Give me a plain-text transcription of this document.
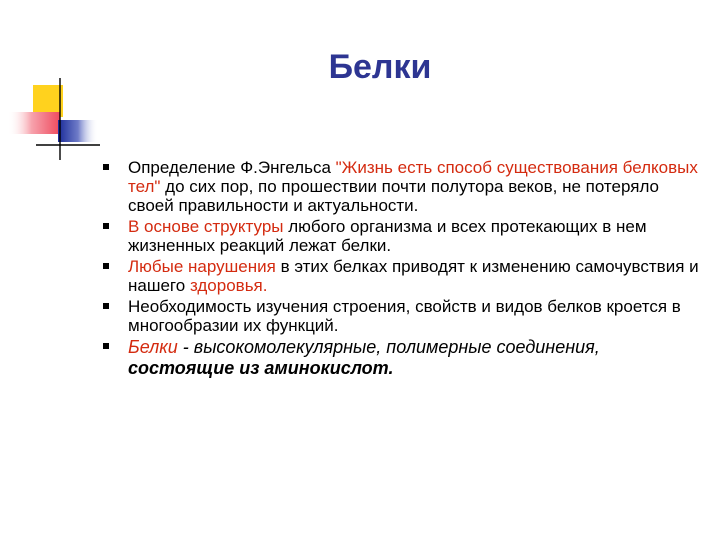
Белки
Определение Ф.Энгельса "Жизнь есть способ существования белковых тел" до сих пор, по прошествии почти полутора веков, не потеряло своей правильности и актуальности.
В основе структуры любого организма и всех протекающих в нем жизненных реакций лежат белки.
Любые нарушения в этих белках приводят к изменению самочувствия и нашего здоровья.
Необходимость изучения строения, свойств и видов белков кроется в многообразии их функций.
Белки - высокомолекулярные, полимерные соединения,
состоящие из аминокислот.
